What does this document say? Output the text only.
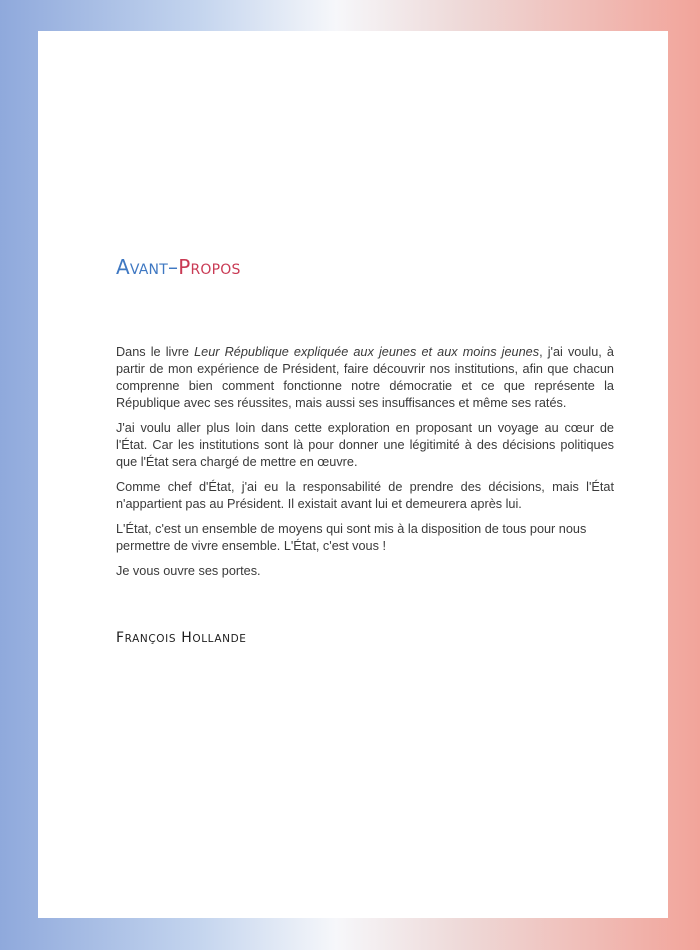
AVANT–PROPOS

Dans le livre Leur République expliquée aux jeunes et aux moins jeunes, j'ai voulu, à partir de mon expérience de Président, faire découvrir nos institutions, afin que chacun comprenne bien comment fonctionne notre démocratie et ce que représente la République avec ses réussites, mais aussi ses insuffisances et même ses ratés.

J'ai voulu aller plus loin dans cette exploration en proposant un voyage au cœur de l'État. Car les institutions sont là pour donner une légitimité à des décisions politiques que l'État sera chargé de mettre en œuvre.

Comme chef d'État, j'ai eu la responsabilité de prendre des décisions, mais l'État n'appartient pas au Président. Il existait avant lui et demeurera après lui.

L'État, c'est un ensemble de moyens qui sont mis à la disposition de tous pour nous permettre de vivre ensemble. L'État, c'est vous !

Je vous ouvre ses portes.

FRANÇOIS HOLLANDE
